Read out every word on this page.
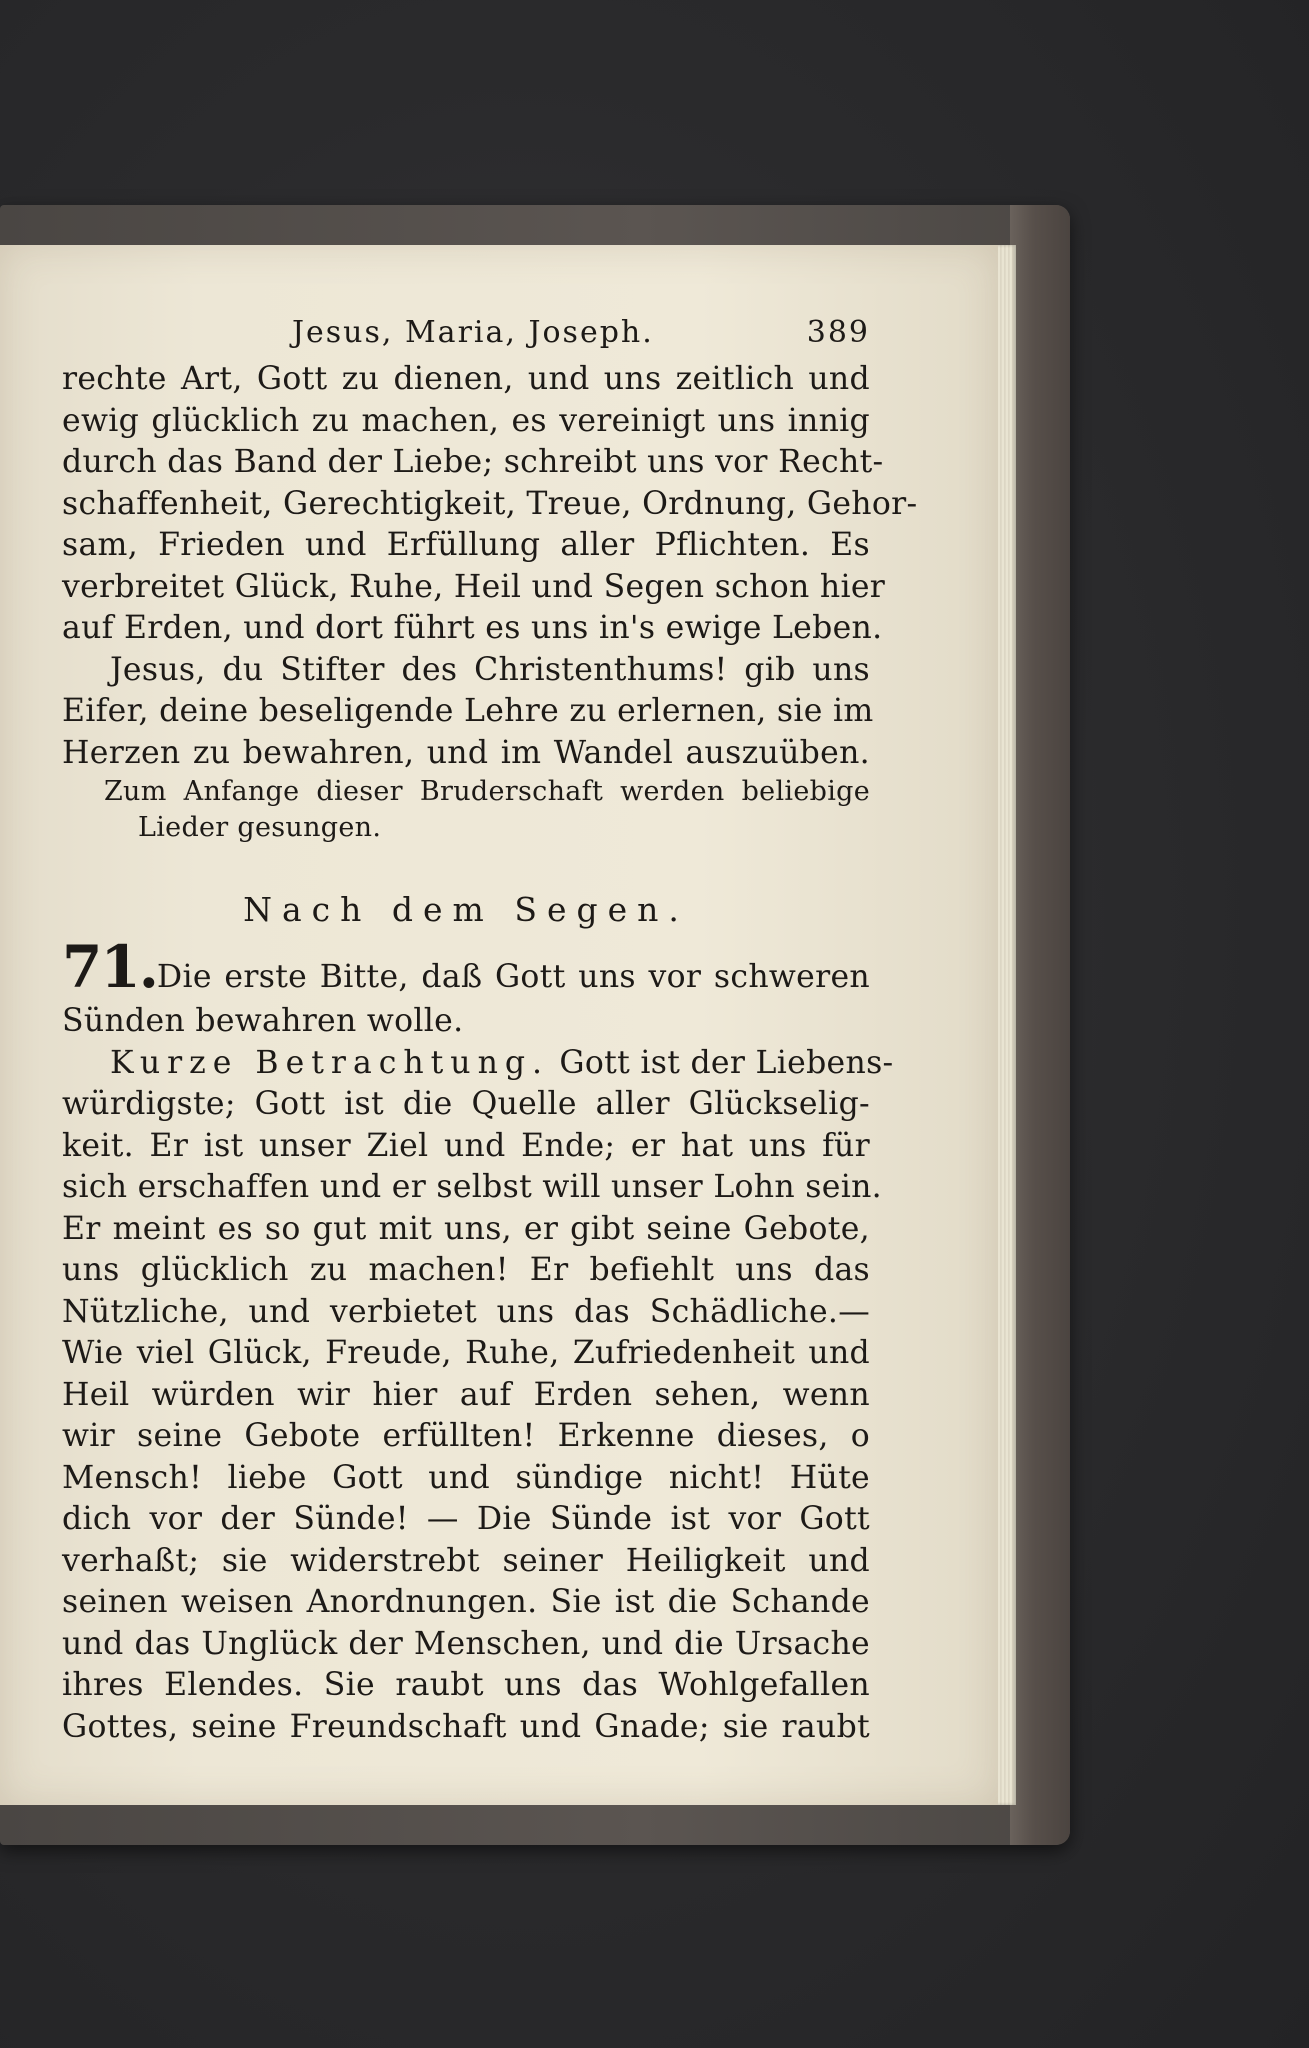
Jesus, Maria, Joseph.	389
rechte Art, Gott zu dienen, und uns zeitlich und
ewig glücklich zu machen, es vereinigt uns innig
durch das Band der Liebe; schreibt uns vor Recht-
schaffenheit, Gerechtigkeit, Treue, Ordnung, Gehor-
sam, Frieden und Erfüllung aller Pflichten. Es
verbreitet Glück, Ruhe, Heil und Segen schon hier
auf Erden, und dort führt es uns in's ewige Leben.
Jesus, du Stifter des Christenthums! gib uns
Eifer, deine beseligende Lehre zu erlernen, sie im
Herzen zu bewahren, und im Wandel auszuüben.
Zum Anfange dieser Bruderschaft werden beliebige
Lieder gesungen.
Nach dem Segen.
71.Die erste Bitte, daß Gott uns vor schweren
Sünden bewahren wolle.
Kurze Betrachtung. Gott ist der Liebens-
würdigste; Gott ist die Quelle aller Glückselig-
keit. Er ist unser Ziel und Ende; er hat uns für
sich erschaffen und er selbst will unser Lohn sein.
Er meint es so gut mit uns, er gibt seine Gebote,
uns glücklich zu machen! Er befiehlt uns das
Nützliche, und verbietet uns das Schädliche.—
Wie viel Glück, Freude, Ruhe, Zufriedenheit und
Heil würden wir hier auf Erden sehen, wenn
wir seine Gebote erfüllten! Erkenne dieses, o
Mensch! liebe Gott und sündige nicht! Hüte
dich vor der Sünde! — Die Sünde ist vor Gott
verhaßt; sie widerstrebt seiner Heiligkeit und
seinen weisen Anordnungen. Sie ist die Schande
und das Unglück der Menschen, und die Ursache
ihres Elendes. Sie raubt uns das Wohlgefallen
Gottes, seine Freundschaft und Gnade; sie raubt
